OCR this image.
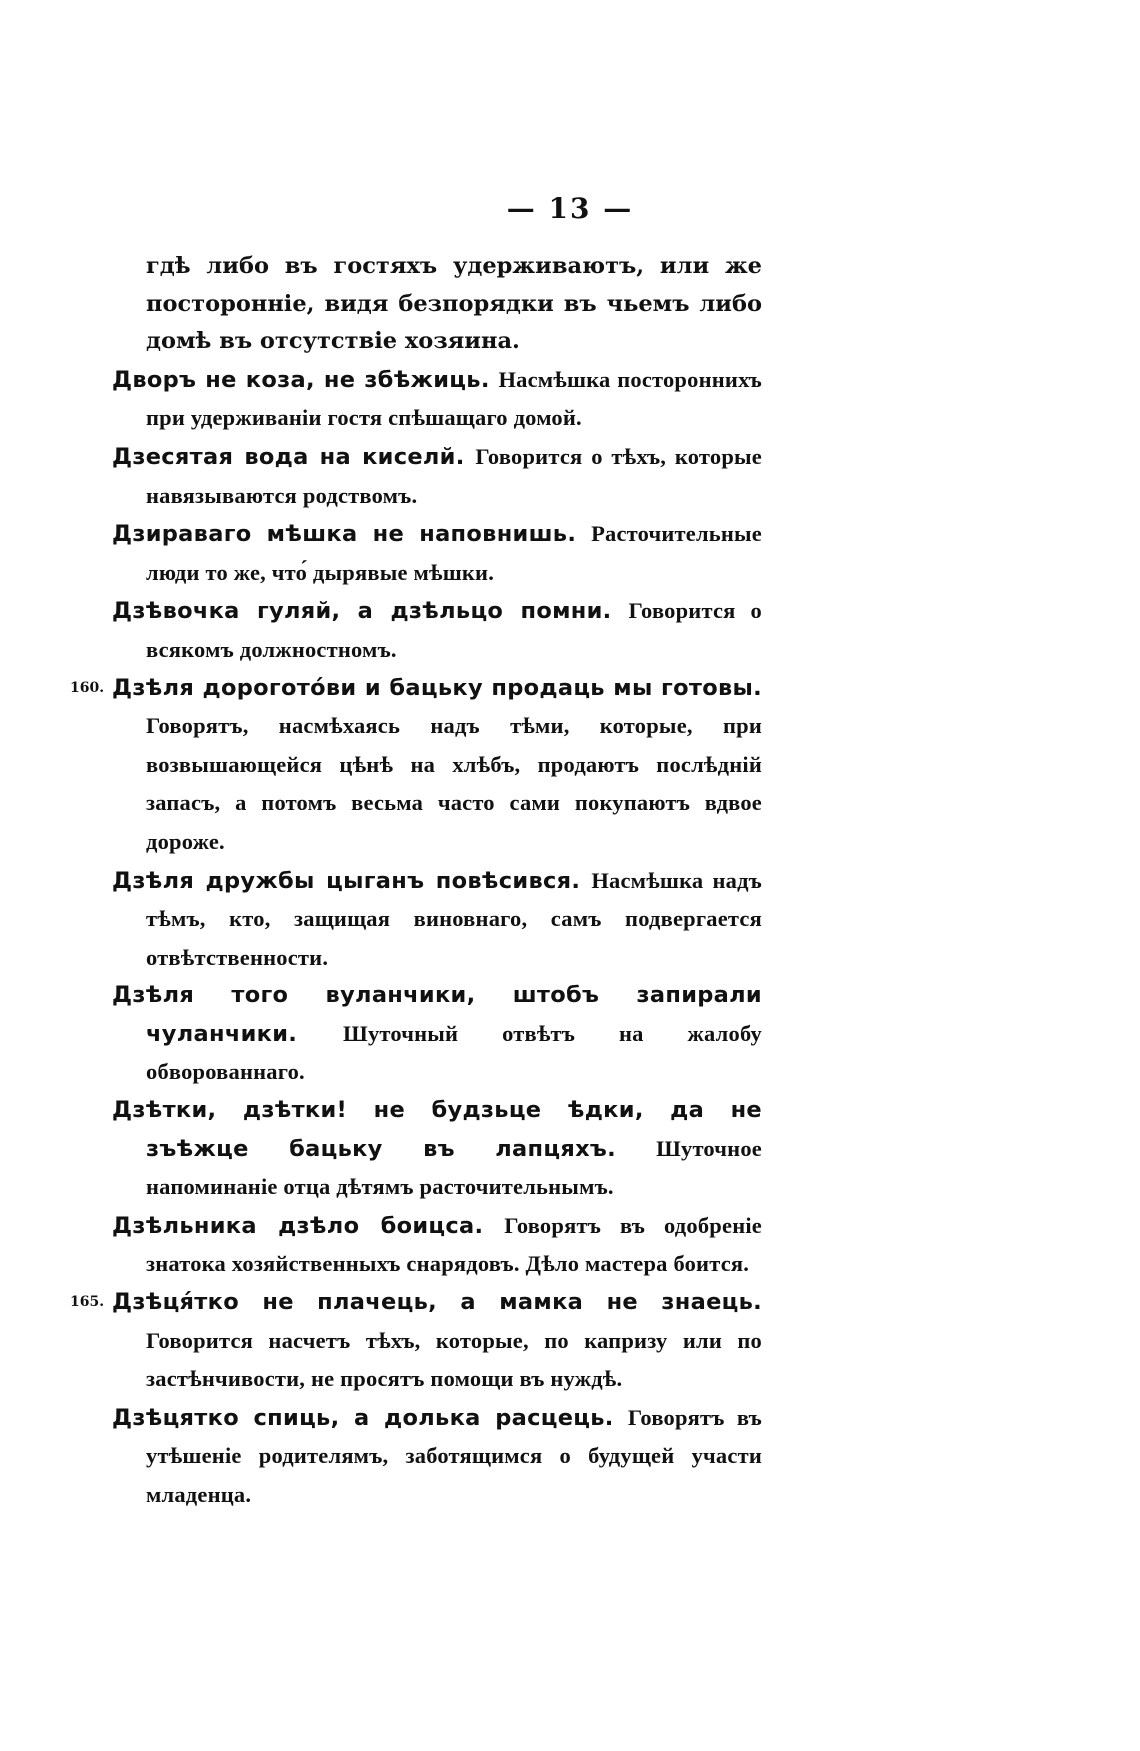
— 13 —

гдѣ либо въ гостяхъ удерживаютъ, или же посторонніе, видя безпорядки въ чьемъ либо домѣ въ отсутствіе хозяина.

Дворъ не коза, не збѣжиць. Насмѣшка постороннихъ при удерживаніи гостя спѣшащаго домой.

Дзесятая вода на киселй. Говорится о тѣхъ, которые навязываются родствомъ.

Дзираваго мѣшка не наповнишь. Расточительные люди то же, что́ дырявые мѣшки.

Дзѣвочка гуляй, а дзѣльцо помни. Говорится о всякомъ должностномъ.

160. Дзѣля дороготóви и бацьку продаць мы готовы. Говорятъ, насмѣхаясь надъ тѣми, которые, при возвышающейся цѣнѣ на хлѣбъ, продаютъ послѣдній запасъ, а потомъ весьма часто сами покупаютъ вдвое дороже.

Дзѣля дружбы цыганъ повѣсився. Насмѣшка надъ тѣмъ, кто, защищая виновнаго, самъ подвергается отвѣтственности.

Дзѣля того вуланчики, штобъ запирали чуланчики. Шуточный отвѣтъ на жалобу обворованнаго.

Дзѣтки, дзѣтки! не будзьце ѣдки, да не зъѣжце бацьку въ лапцяхъ. Шуточное напоминаніе отца дѣтямъ расточительнымъ.

Дзѣльника дзѣло боицса. Говорятъ въ одобреніе знатока хозяйственныхъ снарядовъ. Дѣло мастера боится.

165. Дзѣця́тко не плачець, а мамка не знаець. Говорится насчетъ тѣхъ, которые, по капризу или по застѣнчивости, не просятъ помощи въ нуждѣ.

Дзѣцятко спиць, а долька расцець. Говорятъ въ утѣшеніе родителямъ, заботящимся о будущей участи младенца.
